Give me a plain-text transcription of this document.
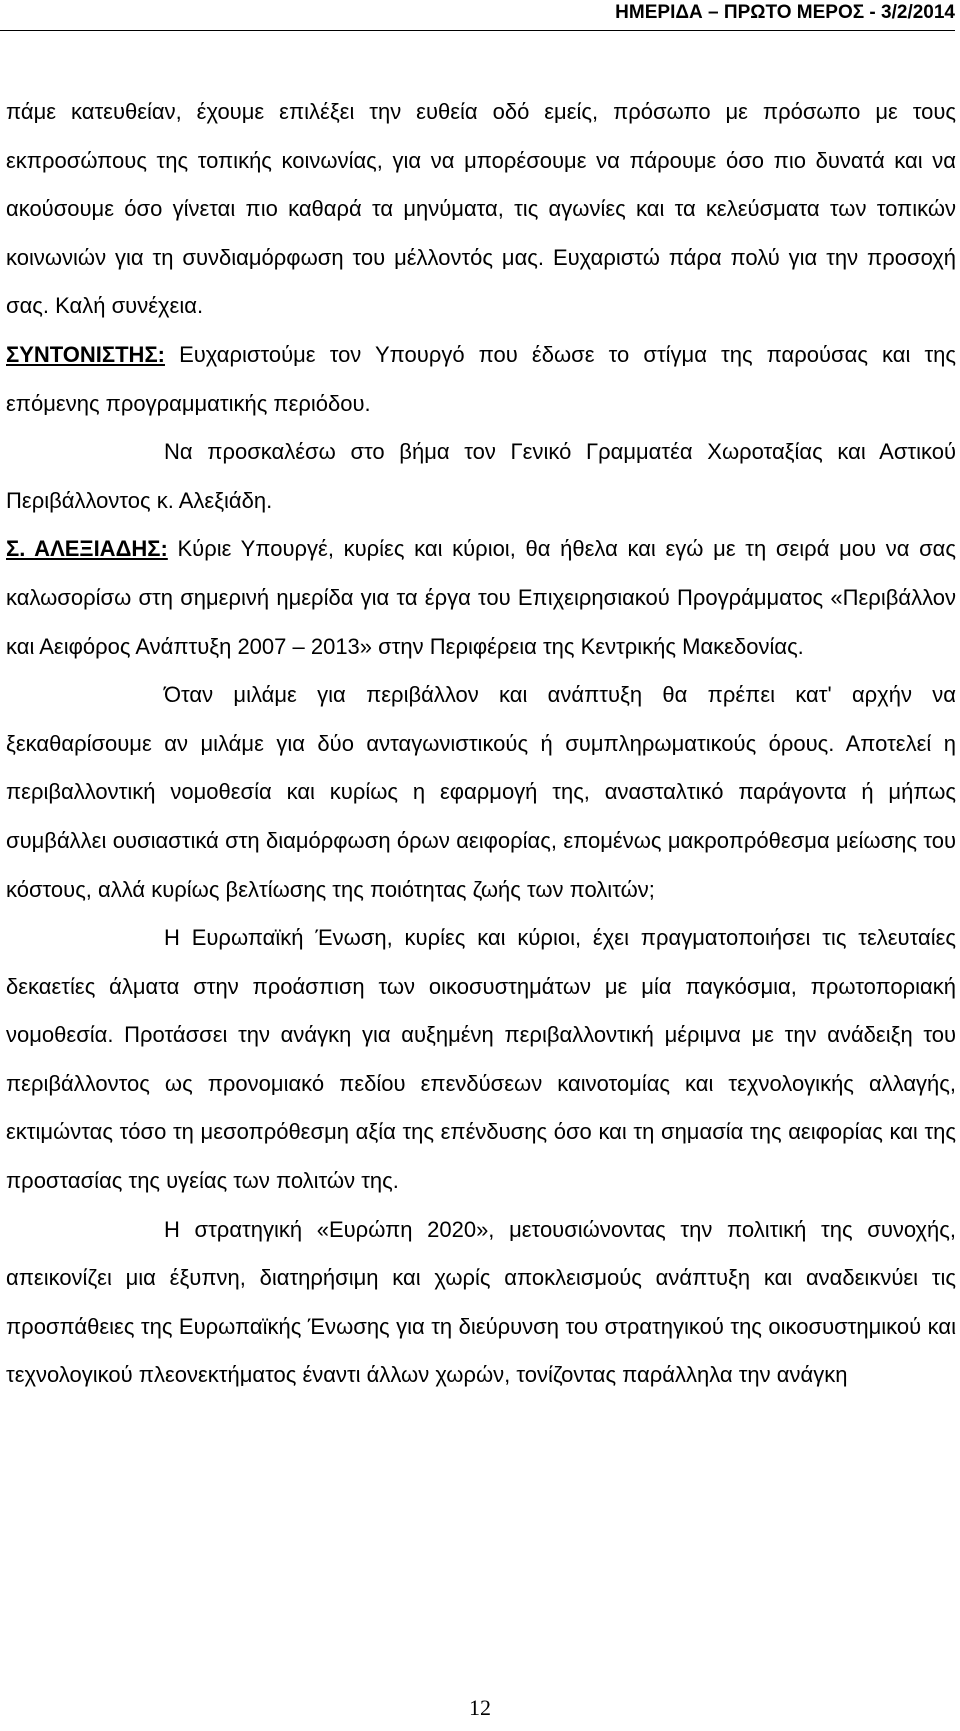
ΗΜΕΡΙΔΑ – ΠΡΩΤΟ ΜΕΡΟΣ - 3/2/2014

πάμε κατευθείαν, έχουμε επιλέξει την ευθεία οδό εμείς, πρόσωπο με πρόσωπο με τους εκπροσώπους της τοπικής κοινωνίας, για να μπορέσουμε να πάρουμε όσο πιο δυνατά και να ακούσουμε όσο γίνεται πιο καθαρά τα μηνύματα, τις αγωνίες και τα κελεύσματα των τοπικών κοινωνιών για τη συνδιαμόρφωση του μέλλοντός μας. Ευχαριστώ πάρα πολύ για την προσοχή σας. Καλή συνέχεια.

ΣΥΝΤΟΝΙΣΤΗΣ: Ευχαριστούμε τον Υπουργό που έδωσε το στίγμα της παρούσας και της επόμενης προγραμματικής περιόδου.

Να προσκαλέσω στο βήμα τον Γενικό Γραμματέα Χωροταξίας και Αστικού Περιβάλλοντος κ. Αλεξιάδη.

Σ. ΑΛΕΞΙΑΔΗΣ: Κύριε Υπουργέ, κυρίες και κύριοι, θα ήθελα και εγώ με τη σειρά μου να σας καλωσορίσω στη σημερινή ημερίδα για τα έργα του Επιχειρησιακού Προγράμματος «Περιβάλλον και Αειφόρος Ανάπτυξη 2007 – 2013» στην Περιφέρεια της Κεντρικής Μακεδονίας.

Όταν μιλάμε για περιβάλλον και ανάπτυξη θα πρέπει κατ' αρχήν να ξεκαθαρίσουμε αν μιλάμε για δύο ανταγωνιστικούς ή συμπληρωματικούς όρους. Αποτελεί η περιβαλλοντική νομοθεσία και κυρίως η εφαρμογή της, ανασταλτικό παράγοντα ή μήπως συμβάλλει ουσιαστικά στη διαμόρφωση όρων αειφορίας, επομένως μακροπρόθεσμα μείωσης του κόστους, αλλά κυρίως βελτίωσης της ποιότητας ζωής των πολιτών;

Η Ευρωπαϊκή Ένωση, κυρίες και κύριοι, έχει πραγματοποιήσει τις τελευταίες δεκαετίες άλματα στην προάσπιση των οικοσυστημάτων με μία παγκόσμια, πρωτοποριακή νομοθεσία. Προτάσσει την ανάγκη για αυξημένη περιβαλλοντική μέριμνα με την ανάδειξη του περιβάλλοντος ως προνομιακό πεδίου επενδύσεων καινοτομίας και τεχνολογικής αλλαγής, εκτιμώντας τόσο τη μεσοπρόθεσμη αξία της επένδυσης όσο και τη σημασία της αειφορίας και της προστασίας της υγείας των πολιτών της.

Η στρατηγική «Ευρώπη 2020», μετουσιώνοντας την πολιτική της συνοχής, απεικονίζει μια έξυπνη, διατηρήσιμη και χωρίς αποκλεισμούς ανάπτυξη και αναδεικνύει τις προσπάθειες της Ευρωπαϊκής Ένωσης για τη διεύρυνση του στρατηγικού της οικοσυστημικού και τεχνολογικού πλεονεκτήματος έναντι άλλων χωρών, τονίζοντας παράλληλα την ανάγκη

12
